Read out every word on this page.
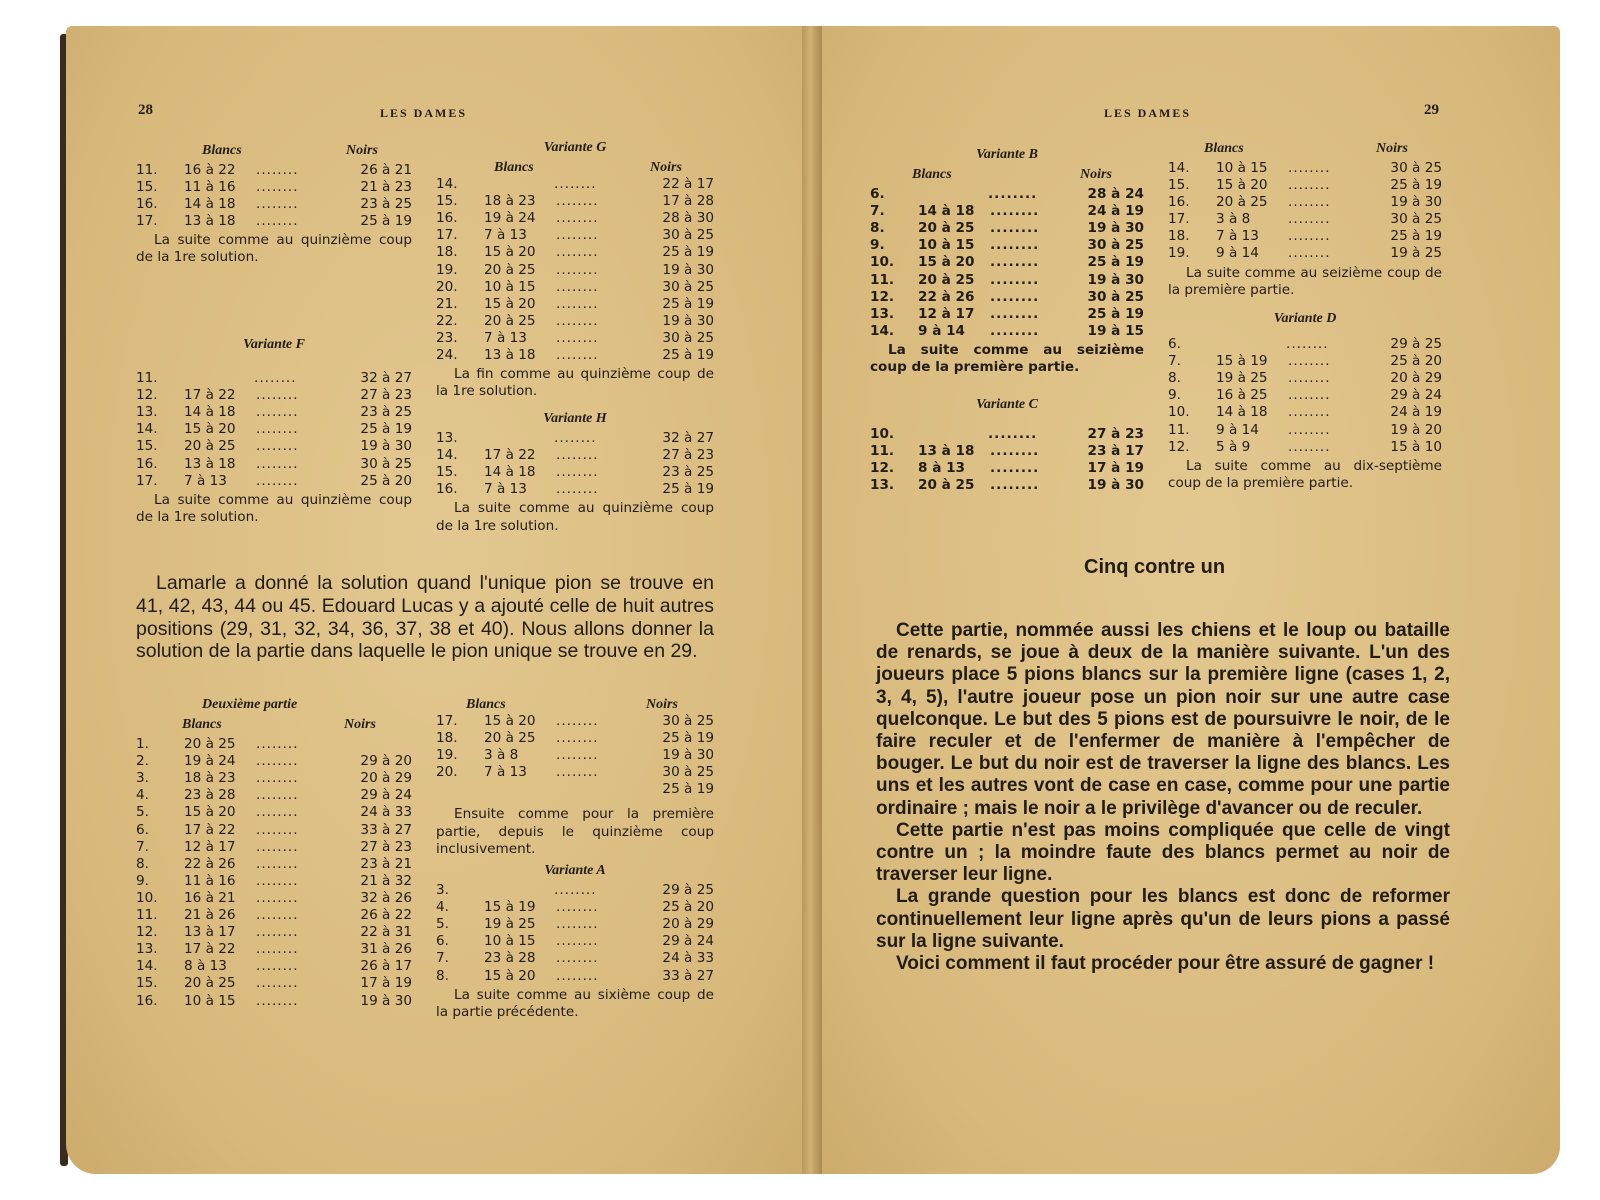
28	LES DAMES
Blancs	Noirs
11. 16 à 22 ........	26 à 21
15. 11 à 16 ........	21 à 23
16. 14 à 18 ........	23 à 25
17. 13 à 18 ........	25 à 19
La suite comme au quinzième coup de la 1re solution.
Variante F
11.	........	32 à 27
12. 17 à 22 ........	27 à 23
13. 14 à 18 ........	23 à 25
14. 15 à 20 ........	25 à 19
15. 20 à 25 ........	19 à 30
16. 13 à 18 ........	30 à 25
17. 7 à 13 ........	25 à 20
La suite comme au quinzième coup de la 1re solution.
Variante G
Blancs	Noirs
14.	........	22 à 17
15. 18 à 23 ........	17 à 28
16. 19 à 24 ........	28 à 30
17. 7 à 13 ........	30 à 25
18. 15 à 20 ........	25 à 19
19. 20 à 25 ........	19 à 30
20. 10 à 15 ........	30 à 25
21. 15 à 20 ........	25 à 19
22. 20 à 25 ........	19 à 30
23. 7 à 13 ........	30 à 25
24. 13 à 18 ........	25 à 19
La fin comme au quinzième coup de la 1re solution.
Variante H
13.	........	32 à 27
14. 17 à 22 ........	27 à 23
15. 14 à 18 ........	23 à 25
16. 7 à 13 ........	25 à 19
La suite comme au quinzième coup de la 1re solution.

Lamarle a donné la solution quand l'unique pion se trouve en 41, 42, 43, 44 ou 45. Edouard Lucas y a ajouté celle de huit autres positions (29, 31, 32, 34, 36, 37, 38 et 40). Nous allons donner la solution de la partie dans laquelle le pion unique se trouve en 29.

Deuxième partie
Blancs	Noirs
1.	20 à 25 ........
2.	19 à 24 ........	29 à 20
3.	18 à 23 ........	20 à 29
4.	23 à 28 ........	29 à 24
5.	15 à 20 ........	24 à 33
6.	17 à 22 ........	33 à 27
7.	12 à 17 ........	27 à 23
8.	22 à 26 ........	23 à 21
9.	11 à 16 ........	21 à 32
10. 16 à 21 ........	32 à 26
11. 21 à 26 ........	26 à 22
12. 13 à 17 ........	22 à 31
13. 17 à 22 ........	31 à 26
14. 8 à 13 ........	26 à 17
15. 20 à 25 ........	17 à 19
16. 10 à 15 ........	19 à 30
Blancs	Noirs
17. 15 à 20 ........	30 à 25
18. 20 à 25 ........	25 à 19
19. 3 à 8	........	19 à 30
20. 7 à 13 ........	30 à 25
25 à 19
Ensuite comme pour la première partie, depuis le quinzième coup inclusivement.
Variante A
3.	........	29 à 25
4.	15 à 19 ........	25 à 20
5.	19 à 25 ........	20 à 29
6.	10 à 15 ........	29 à 24
7.	23 à 28 ........	24 à 33
8.	15 à 20 ........	33 à 27
La suite comme au sixième coup de la partie précédente.
LES DAMES	29
Variante B
Blancs	Noirs
6.	........	28 à 24
7. 14 à 18 ........	24 à 19
8. 20 à 25 ........	19 à 30
9. 10 à 15 ........	30 à 25
10. 15 à 20 ........	25 à 19
11. 20 à 25 ........	19 à 30
12. 22 à 26 ........	30 à 25
13. 12 à 17 ........	25 à 19
14. 9 à 14 ........	19 à 15
La suite comme au seizième coup de la première partie.
Variante C
10.	........	27 à 23
11. 13 à 18 ........	23 à 17
12. 8 à 13 ........	17 à 19
13. 20 à 25 ........	19 à 30
Blancs	Noirs
14. 10 à 15 ........	30 à 25
15. 15 à 20 ........	25 à 19
16. 20 à 25 ........	19 à 30
17. 3 à 8	........	30 à 25
18. 7 à 13 ........	25 à 19
19. 9 à 14 ........	19 à 25
La suite comme au seizième coup de la première partie.
Variante D
6.	........	29 à 25
7.	15 à 19 ........	25 à 20
8.	19 à 25 ........	20 à 29
9.	16 à 25 ........	29 à 24
10. 14 à 18 ........	24 à 19
11. 9 à 14 ........	19 à 20
12. 5 à 9	........	15 à 10
La suite comme au dix-septième coup de la première partie.
Cinq contre un

Cette partie, nommée aussi les chiens et le loup ou bataille de renards, se joue à deux de la manière suivante. L'un des joueurs place 5 pions blancs sur la première ligne (cases 1, 2, 3, 4, 5), l'autre joueur pose un pion noir sur une autre case quelconque. Le but des 5 pions est de poursuivre le noir, de le faire reculer et de l'enfermer de manière à l'empêcher de bouger. Le but du noir est de traverser la ligne des blancs. Les uns et les autres vont de case en case, comme pour une partie ordinaire ; mais le noir a le privilège d'avancer ou de reculer.

Cette partie n'est pas moins compliquée que celle de vingt contre un ; la moindre faute des blancs permet au noir de traverser leur ligne.

La grande question pour les blancs est donc de reformer continuellement leur ligne après qu'un de leurs pions a passé sur la ligne suivante.

Voici comment il faut procéder pour être assuré de gagner !
